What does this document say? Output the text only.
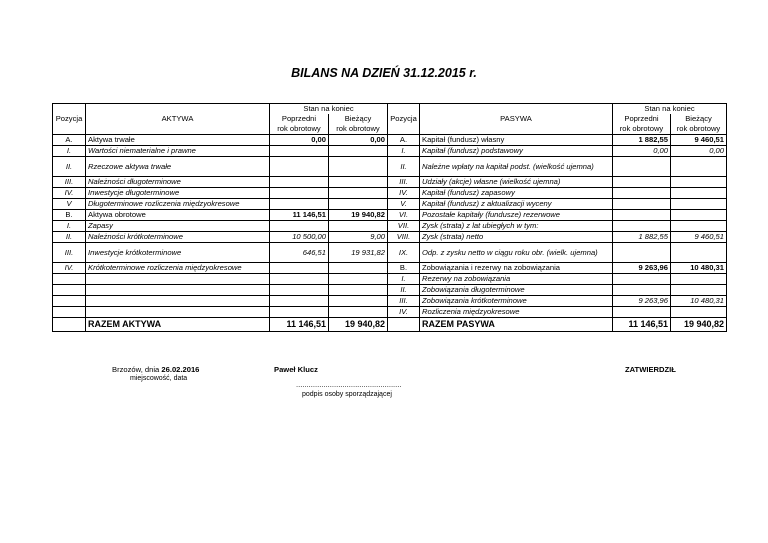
BILANS NA DZIEŃ 31.12.2015 r.
		Stan na koniec				Stan na koniec	
Pozycja	AKTYWA	Poprzedni	Bieżący	Pozycja	PASYWA	Poprzedni	Bieżący
		rok obrotowy	rok obrotowy			rok obrotowy	rok obrotowy
A.	Aktywa trwałe	0,00	0,00	A.	Kapitał (fundusz) własny	1 882,55	9 460,51
I.	Wartości niematerialne i prawne			I.	Kapitał (fundusz) podstawowy	0,00	0,00
II.	Rzeczowe aktywa trwałe			II.	Należne wpłaty na kapitał podst. (wielkość ujemna)		
III.	Należności długoterminowe			III.	Udziały (akcje) własne (wielkość ujemna)		
IV.	Inwestycje długoterminowe			IV.	Kapitał (fundusz) zapasowy		
V	Długoterminowe rozliczenia międzyokresowe			V.	Kapitał (fundusz) z aktualizacji wyceny		
B.	Aktywa obrotowe	11 146,51	19 940,82	VI.	Pozostałe kapitały (fundusze) rezerwowe		
I.	Zapasy			VII.	Zysk (strata) z lat ubiegłych w tym:		
II.	Należności krótkoterminowe	10 500,00	9,00	VIII.	Zysk (strata) netto	1 882,55	9 460,51
III.	Inwestycje krótkoterminowe	646,51	19 931,82	IX.	Odp. z zysku netto w ciągu roku obr. (wielk. ujemna)		
IV.	Krótkoterminowe rozliczenia międzyokresowe			B.	Zobowiązania i rezerwy na zobowiązania	9 263,96	10 480,31
				I.	Rezerwy na zobowiązania		
				II.	Zobowiązania długoterminowe		
				III.	Zobowiązania krótkoterminowe	9 263,96	10 480,31
				IV.	Rozliczenia międzyokresowe		
	RAZEM AKTYWA	11 146,51	19 940,82		RAZEM PASYWA	11 146,51	19 940,82
Brzozów, dnia 26.02.2016
miejscowość, data
Paweł Klucz
..................................................
podpis osoby sporządzającej
ZATWIERDZIŁ
